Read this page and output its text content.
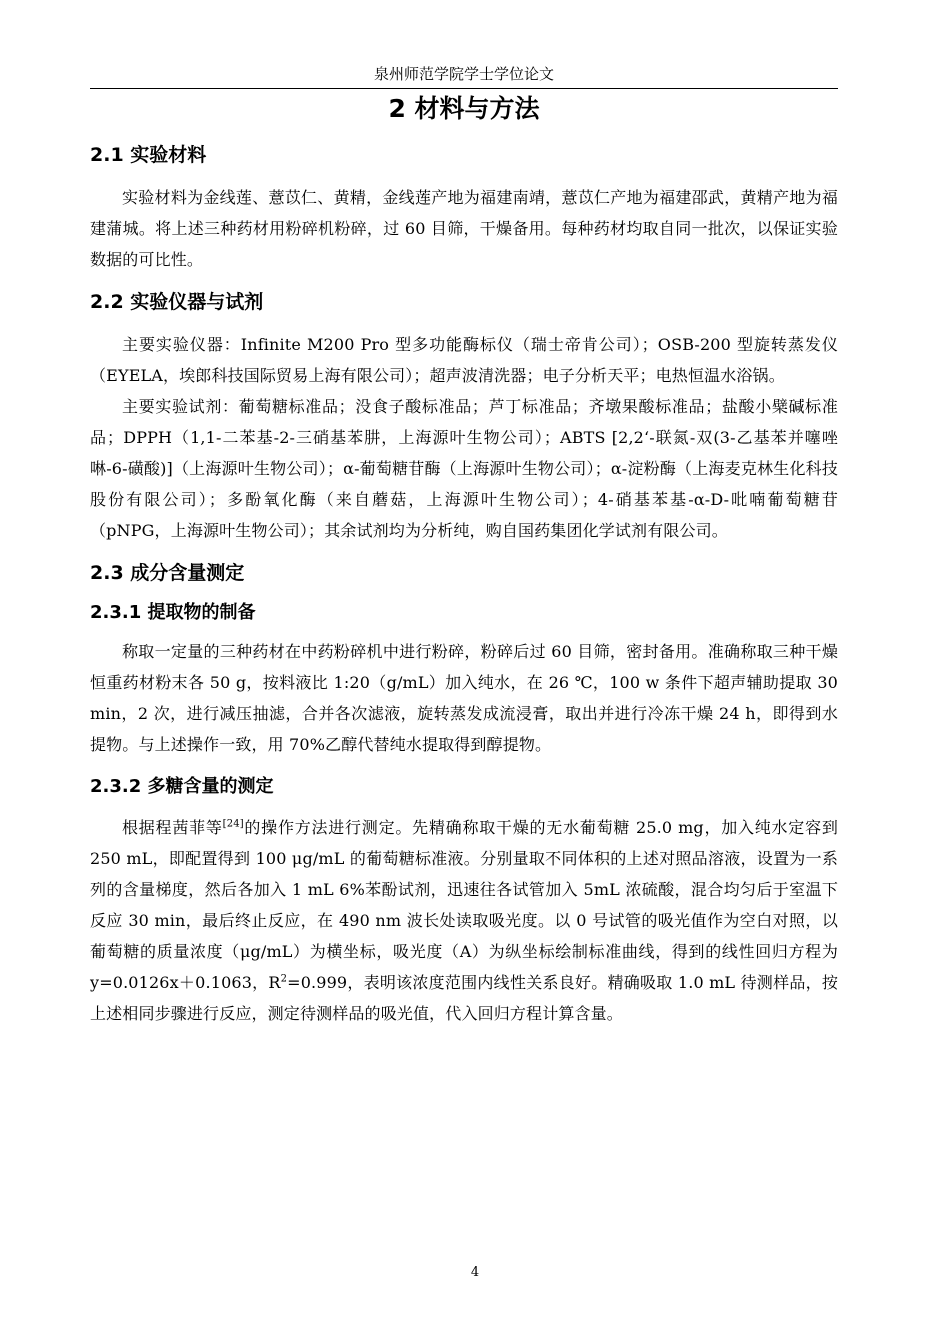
泉州师范学院学士学位论文
2 材料与方法
2.1 实验材料

实验材料为金线莲、薏苡仁、黄精，金线莲产地为福建南靖，薏苡仁产地为福建邵武，黄精产地为福建蒲城。将上述三种药材用粉碎机粉碎，过 60 目筛，干燥备用。每种药材均取自同一批次，以保证实验数据的可比性。

2.2 实验仪器与试剂

主要实验仪器：Infinite M200 Pro 型多功能酶标仪（瑞士帝肯公司）；OSB-200 型旋转蒸发仪（EYELA，埃郎科技国际贸易上海有限公司）；超声波清洗器；电子分析天平；电热恒温水浴锅。

主要实验试剂：葡萄糖标准品；没食子酸标准品；芦丁标准品；齐墩果酸标准品；盐酸小檗碱标准品；DPPH（1,1-二苯基-2-三硝基苯肼，上海源叶生物公司）；ABTS [2,2‘-联氮-双(3-乙基苯并噻唑啉-6-磺酸)]（上海源叶生物公司）；α-葡萄糖苷酶（上海源叶生物公司）；α-淀粉酶（上海麦克林生化科技股份有限公司）；多酚氧化酶（来自蘑菇，上海源叶生物公司）；4-硝基苯基-α-D-吡喃葡萄糖苷（pNPG，上海源叶生物公司）；其余试剂均为分析纯，购自国药集团化学试剂有限公司。

2.3 成分含量测定
2.3.1 提取物的制备

称取一定量的三种药材在中药粉碎机中进行粉碎，粉碎后过 60 目筛，密封备用。准确称取三种干燥恒重药材粉末各 50 g，按料液比 1:20（g/mL）加入纯水，在 26 ℃，100 w 条件下超声辅助提取 30 min，2 次，进行减压抽滤，合并各次滤液，旋转蒸发成流浸膏，取出并进行冷冻干燥 24 h，即得到水提物。与上述操作一致，用 70%乙醇代替纯水提取得到醇提物。

2.3.2 多糖含量的测定

根据程茜菲等[24]的操作方法进行测定。先精确称取干燥的无水葡萄糖 25.0 mg，加入纯水定容到 250 mL，即配置得到 100 μg/mL 的葡萄糖标准液。分别量取不同体积的上述对照品溶液，设置为一系列的含量梯度，然后各加入 1 mL 6%苯酚试剂，迅速往各试管加入 5mL 浓硫酸，混合均匀后于室温下反应 30 min，最后终止反应，在 490 nm 波长处读取吸光度。以 0 号试管的吸光值作为空白对照，以葡萄糖的质量浓度（μg/mL）为横坐标，吸光度（A）为纵坐标绘制标准曲线，得到的线性回归方程为 y=0.0126x＋0.1063，$R^2=0.999$，表明该浓度范围内线性关系良好。精确吸取 1.0 mL 待测样品，按上述相同步骤进行反应，测定待测样品的吸光值，代入回归方程计算含量。

4
